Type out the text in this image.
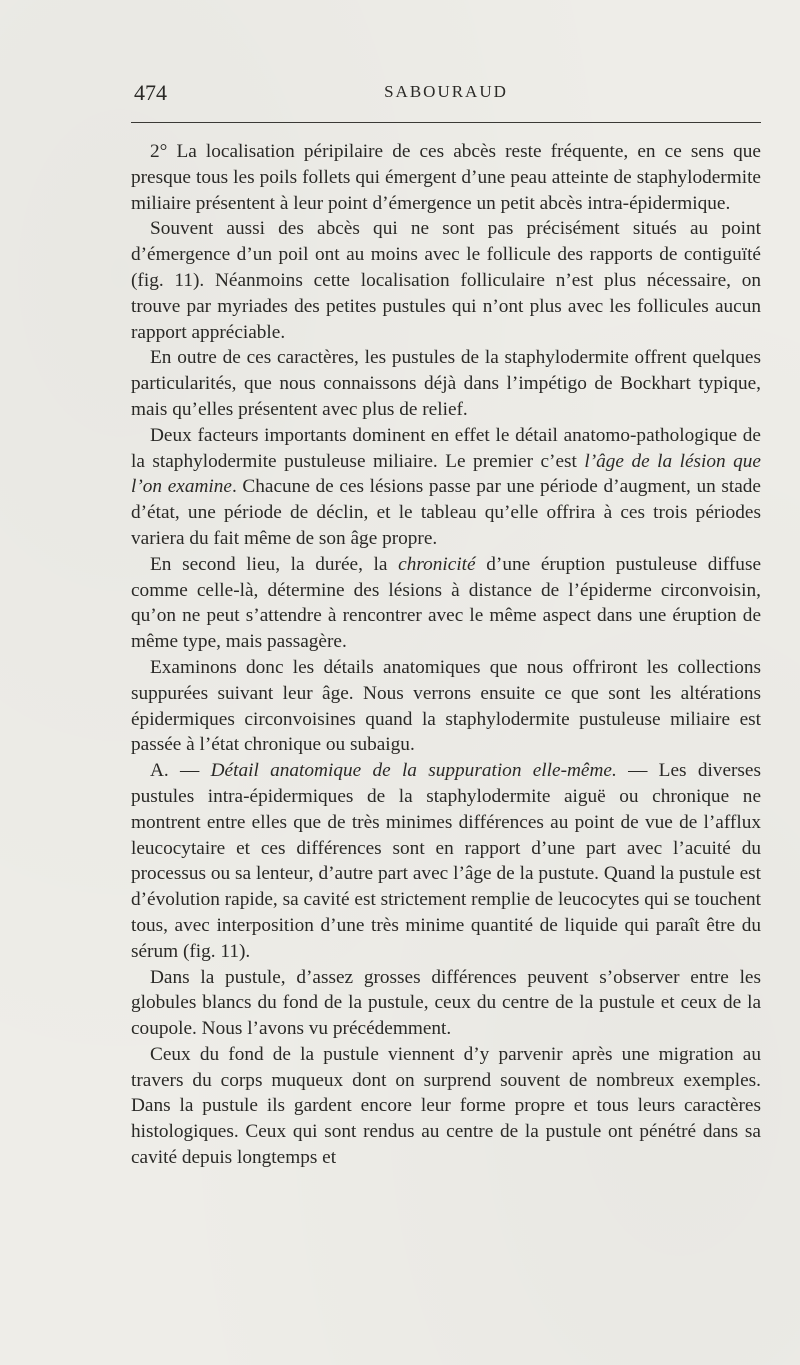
474	SABOURAUD

2° La localisation péripilaire de ces abcès reste fréquente, en ce sens que presque tous les poils follets qui émergent d’une peau atteinte de staphylodermite miliaire présentent à leur point d’émergence un petit abcès intra-épidermique.

Souvent aussi des abcès qui ne sont pas précisément situés au point d’émergence d’un poil ont au moins avec le follicule des rapports de contiguïté (fig. 11). Néanmoins cette localisation folliculaire n’est plus nécessaire, on trouve par myriades des petites pustules qui n’ont plus avec les follicules aucun rapport appréciable.

En outre de ces caractères, les pustules de la staphylodermite offrent quelques particularités, que nous connaissons déjà dans l’impétigo de Bockhart typique, mais qu’elles présentent avec plus de relief.

Deux facteurs importants dominent en effet le détail anatomo-pathologique de la staphylodermite pustuleuse miliaire. Le premier c’est l’âge de la lésion que l’on examine. Chacune de ces lésions passe par une période d’augment, un stade d’état, une période de déclin, et le tableau qu’elle offrira à ces trois périodes variera du fait même de son âge propre.

En second lieu, la durée, la chronicité d’une éruption pustuleuse diffuse comme celle-là, détermine des lésions à distance de l’épiderme circonvoisin, qu’on ne peut s’attendre à rencontrer avec le même aspect dans une éruption de même type, mais passagère.

Examinons donc les détails anatomiques que nous offriront les collections suppurées suivant leur âge. Nous verrons ensuite ce que sont les altérations épidermiques circonvoisines quand la staphylodermite pustuleuse miliaire est passée à l’état chronique ou subaigu.

A. — Détail anatomique de la suppuration elle-même. — Les diverses pustules intra-épidermiques de la staphylodermite aiguë ou chronique ne montrent entre elles que de très minimes différences au point de vue de l’afflux leucocytaire et ces différences sont en rapport d’une part avec l’acuité du processus ou sa lenteur, d’autre part avec l’âge de la pustute. Quand la pustule est d’évolution rapide, sa cavité est strictement remplie de leucocytes qui se touchent tous, avec interposition d’une très minime quantité de liquide qui paraît être du sérum (fig. 11).

Dans la pustule, d’assez grosses différences peuvent s’observer entre les globules blancs du fond de la pustule, ceux du centre de la pustule et ceux de la coupole. Nous l’avons vu précédemment.

Ceux du fond de la pustule viennent d’y parvenir après une migration au travers du corps muqueux dont on surprend souvent de nombreux exemples. Dans la pustule ils gardent encore leur forme propre et tous leurs caractères histologiques. Ceux qui sont rendus au centre de la pustule ont pénétré dans sa cavité depuis longtemps et
